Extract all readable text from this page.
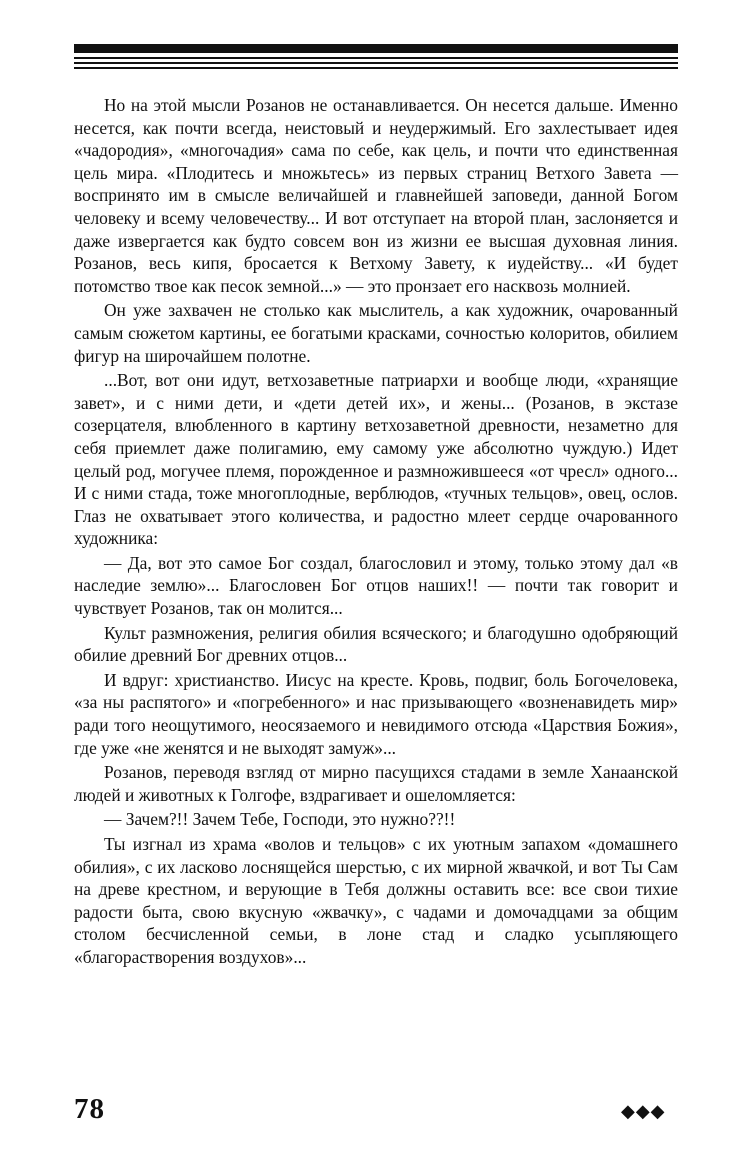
Но на этой мысли Розанов не останавливается. Он несется дальше. Именно несется, как почти всегда, неистовый и неудержимый. Его захлестывает идея «чадородия», «многочадия» сама по себе, как цель, и почти что единственная цель мира. «Плодитесь и множьтесь» из первых страниц Ветхого Завета — воспринято им в смысле величайшей и главнейшей заповеди, данной Богом человеку и всему человечеству... И вот отступает на второй план, заслоняется и даже извергается как будто совсем вон из жизни ее высшая духовная линия. Розанов, весь кипя, бросается к Ветхому Завету, к иудейству... «И будет потомство твое как песок земной...» — это пронзает его насквозь молнией.

Он уже захвачен не столько как мыслитель, а как художник, очарованный самым сюжетом картины, ее богатыми красками, сочностью колоритов, обилием фигур на широчайшем полотне.

...Вот, вот они идут, ветхозаветные патриархи и вообще люди, «хранящие завет», и с ними дети, и «дети детей их», и жены... (Розанов, в экстазе созерцателя, влюбленного в картину ветхозаветной древности, незаметно для себя приемлет даже полигамию, ему самому уже абсолютно чуждую.) Идет целый род, могучее племя, порожденное и размножившееся «от чресл» одного... И с ними стада, тоже многоплодные, верблюдов, «тучных тельцов», овец, ослов. Глаз не охватывает этого количества, и радостно млеет сердце очарованного художника:

— Да, вот это самое Бог создал, благословил и этому, только этому дал «в наследие землю»... Благословен Бог отцов наших!! — почти так говорит и чувствует Розанов, так он молится...

Культ размножения, религия обилия всяческого; и благодушно одобряющий обилие древний Бог древних отцов...

И вдруг: христианство. Иисус на кресте. Кровь, подвиг, боль Богочеловека, «за ны распятого» и «погребенного» и нас призывающего «возненавидеть мир» ради того неощутимого, неосязаемого и невидимого отсюда «Царствия Божия», где уже «не женятся и не выходят замуж»...

Розанов, переводя взгляд от мирно пасущихся стадами в земле Ханаанской людей и животных к Голгофе, вздрагивает и ошеломляется:

— Зачем?!! Зачем Тебе, Господи, это нужно??!!

Ты изгнал из храма «волов и тельцов» с их уютным запахом «домашнего обилия», с их ласково лоснящейся шерстью, с их мирной жвачкой, и вот Ты Сам на древе крестном, и верующие в Тебя должны оставить все: все свои тихие радости быта, свою вкусную «жвачку», с чадами и домочадцами за общим столом бесчисленной семьи, в лоне стад и сладко усыпляющего «благорастворения воздухов»...

78	◆◆◆
